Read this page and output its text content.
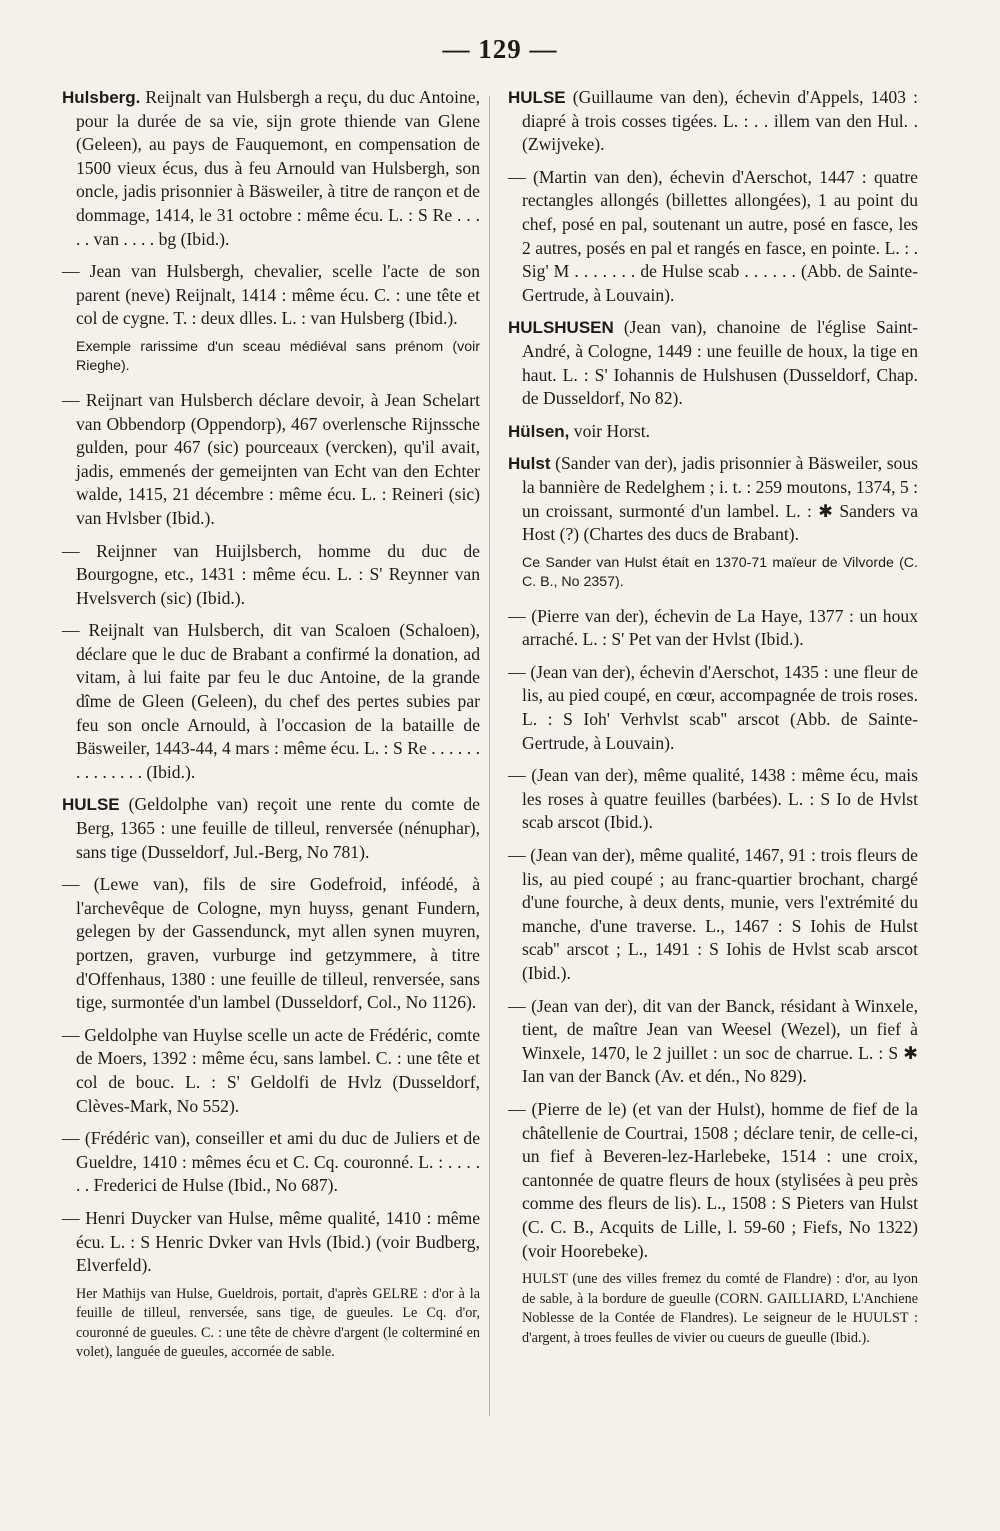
— 129 —

Hulsberg. Reijnalt van Hulsbergh a reçu, du duc Antoine, pour la durée de sa vie, sijn grote thiende van Glene (Geleen), au pays de Fauquemont, en compensation de 1500 vieux écus, dus à feu Arnould van Hulsbergh, son oncle, jadis prisonnier à Bäsweiler, à titre de rançon et de dommage, 1414, le 31 octobre : même écu. L. : S Re . . . . . van . . . . bg (Ibid.).

— Jean van Hulsbergh, chevalier, scelle l'acte de son parent (neve) Reijnalt, 1414 : même écu. C. : une tête et col de cygne. T. : deux dlles. L. : van Hulsberg (Ibid.).

Exemple rarissime d'un sceau médiéval sans prénom (voir Rieghe).

— Reijnart van Hulsberch déclare devoir, à Jean Schelart van Obbendorp (Oppendorp), 467 overlensche Rijnssche gulden, pour 467 (sic) pourceaux (vercken), qu'il avait, jadis, emmenés der gemeijnten van Echt van den Echter walde, 1415, 21 décembre : même écu. L. : Reineri (sic) van Hvlsber (Ibid.).

— Reijnner van Huijlsberch, homme du duc de Bourgogne, etc., 1431 : même écu. L. : S' Reynner van Hvelsverch (sic) (Ibid.).

— Reijnalt van Hulsberch, dit van Scaloen (Schaloen), déclare que le duc de Brabant a confirmé la donation, ad vitam, à lui faite par feu le duc Antoine, de la grande dîme de Gleen (Geleen), du chef des pertes subies par feu son oncle Arnould, à l'occasion de la bataille de Bäsweiler, 1443-44, 4 mars : même écu. L. : S Re . . . . . . . . . . . . . . (Ibid.).

HULSE (Geldolphe van) reçoit une rente du comte de Berg, 1365 : une feuille de tilleul, renversée (nénuphar), sans tige (Dusseldorf, Jul.-Berg, No 781).

— (Lewe van), fils de sire Godefroid, inféodé, à l'archevêque de Cologne, myn huyss, genant Fundern, gelegen by der Gassendunck, myt allen synen muyren, portzen, graven, vurburge ind getzymmere, à titre d'Offenhaus, 1380 : une feuille de tilleul, renversée, sans tige, surmontée d'un lambel (Dusseldorf, Col., No 1126).

— Geldolphe van Huylse scelle un acte de Frédéric, comte de Moers, 1392 : même écu, sans lambel. C. : une tête et col de bouc. L. : S' Geldolfi de Hvlz (Dusseldorf, Clèves-Mark, No 552).

— (Frédéric van), conseiller et ami du duc de Juliers et de Gueldre, 1410 : mêmes écu et C. Cq. couronné. L. : . . . . . . Frederici de Hulse (Ibid., No 687).

— Henri Duycker van Hulse, même qualité, 1410 : même écu. L. : S Henric Dvker van Hvls (Ibid.) (voir Budberg, Elverfeld).

Her Mathijs van Hulse, Gueldrois, portait, d'après GELRE : d'or à la feuille de tilleul, renversée, sans tige, de gueules. Le Cq. d'or, couronné de gueules. C. : une tête de chèvre d'argent (le colterminé en volet), languée de gueules, accornée de sable.

HULSE (Guillaume van den), échevin d'Appels, 1403 : diapré à trois cosses tigées. L. : . . illem van den Hul. . (Zwijveke).

— (Martin van den), échevin d'Aerschot, 1447 : quatre rectangles allongés (billettes allongées), 1 au point du chef, posé en pal, soutenant un autre, posé en fasce, les 2 autres, posés en pal et rangés en fasce, en pointe. L. : . Sig' M . . . . . . . de Hulse scab . . . . . . (Abb. de Sainte-Gertrude, à Louvain).

HULSHUSEN (Jean van), chanoine de l'église Saint-André, à Cologne, 1449 : une feuille de houx, la tige en haut. L. : S' Iohannis de Hulshusen (Dusseldorf, Chap. de Dusseldorf, No 82).

Hülsen, voir Horst.

Hulst (Sander van der), jadis prisonnier à Bäsweiler, sous la bannière de Redelghem ; i. t. : 259 moutons, 1374, 5 : un croissant, surmonté d'un lambel. L. : ✱ Sanders va Host (?) (Chartes des ducs de Brabant).

Ce Sander van Hulst était en 1370-71 maïeur de Vilvorde (C. C. B., No 2357).

— (Pierre van der), échevin de La Haye, 1377 : un houx arraché. L. : S' Pet van der Hvlst (Ibid.).

— (Jean van der), échevin d'Aerschot, 1435 : une fleur de lis, au pied coupé, en cœur, accompagnée de trois roses. L. : S Ioh' Verhvlst scab'' arscot (Abb. de Sainte-Gertrude, à Louvain).

— (Jean van der), même qualité, 1438 : même écu, mais les roses à quatre feuilles (barbées). L. : S Io de Hvlst scab arscot (Ibid.).

— (Jean van der), même qualité, 1467, 91 : trois fleurs de lis, au pied coupé ; au franc-quartier brochant, chargé d'une fourche, à deux dents, munie, vers l'extrémité du manche, d'une traverse. L., 1467 : S Iohis de Hulst scab'' arscot ; L., 1491 : S Iohis de Hvlst scab arscot (Ibid.).

— (Jean van der), dit van der Banck, résidant à Winxele, tient, de maître Jean van Weesel (Wezel), un fief à Winxele, 1470, le 2 juillet : un soc de charrue. L. : S ✱ Ian van der Banck (Av. et dén., No 829).

— (Pierre de le) (et van der Hulst), homme de fief de la châtellenie de Courtrai, 1508 ; déclare tenir, de celle-ci, un fief à Beveren-lez-Harlebeke, 1514 : une croix, cantonnée de quatre fleurs de houx (stylisées à peu près comme des fleurs de lis). L., 1508 : S Pieters van Hulst (C. C. B., Acquits de Lille, l. 59-60 ; Fiefs, No 1322) (voir Hoorebeke).

HULST (une des villes fremez du comté de Flandre) : d'or, au lyon de sable, à la bordure de gueulle (CORN. GAILLIARD, L'Anchiene Noblesse de la Contée de Flandres). Le seigneur de le HUULST : d'argent, à troes feulles de vivier ou cueurs de gueulle (Ibid.).
